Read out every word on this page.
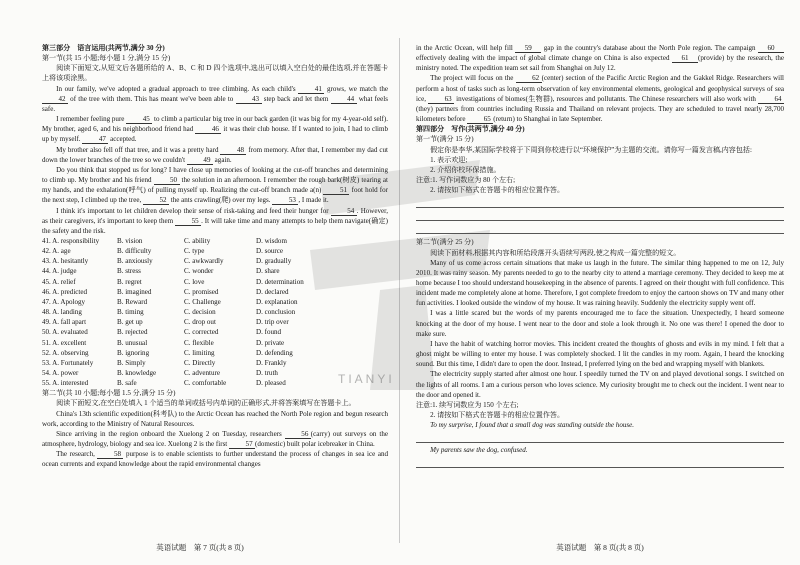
第三部分　语言运用(共两节,满分 30 分)

第一节(共 15 小题;每小题 1 分,满分 15 分)

阅读下面短文,从短文后各题所给的 A、B、C 和 D 四个选项中,选出可以填入空白处的最佳选项,并在答题卡上将该项涂黑。

In our family, we've adopted a gradual approach to tree climbing. As each child's 41 grows, we match the 42 of the tree with them. This has meant we've been able to 43 step back and let them 44 what feels safe.

I remember feeling pure 45 to climb a particular big tree in our back garden (it was big for my 4-year-old self). My brother, aged 6, and his neighborhood friend had 46 it was their club house. If I wanted to join, I had to climb up by myself. 47 accepted.

My brother also fell off that tree, and it was a pretty hard 48 from memory. After that, I remember my dad cut down the lower branches of the tree so we couldn't 49 again.

Do you think that stopped us for long? I have close up memories of looking at the cut-off branches and determining to climb up. My brother and his friend 50 the solution in an afternoon. I remember the rough bark(树皮) tearing at my hands, and the exhalation(呼气) of pulling myself up. Realizing the cut-off branch made a(n) 51 foot hold for the next step, I climbed up the tree, 52 the ants crawling(爬) over my legs. 53 , I made it.

I think it's important to let children develop their sense of risk-taking and feed their hunger for 54 . However, as their caregivers, it's important to keep them 55 . It will take time and many attempts to help them navigate(确定) the safety and the risk.

41. A. responsibility	B. vision	C. ability	D. wisdom
42. A. age	B. difficulty	C. type	D. source
43. A. hesitantly	B. anxiously	C. awkwardly	D. gradually
44. A. judge	B. stress	C. wonder	D. share
45. A. relief	B. regret	C. love	D. determination
46. A. predicted	B. imagined	C. promised	D. declared
47. A. Apology	B. Reward	C. Challenge	D. explanation
48. A. landing	B. timing	C. decision	D. conclusion
49. A. fall apart	B. get up	C. drop out	D. trip over
50. A. evaluated	B. rejected	C. corrected	D. found
51. A. excellent	B. unusual	C. flexible	D. private
52. A. observing	B. ignoring	C. limiting	D. defending
53. A. Fortunately	B. Simply	C. Directly	D. Frankly
54. A. power	B. knowledge	C. adventure	D. truth
55. A. interested	B. safe	C. comfortable	D. pleased

第二节(共 10 小题;每小题 1.5 分,满分 15 分)

阅读下面短文,在空白处填入 1 个适当的单词或括号内单词的正确形式,并将答案填写在答题卡上。

China's 13th scientific expedition(科考队) to the Arctic Ocean has reached the North Pole region and begun research work, according to the Ministry of Natural Resources.

Since arriving in the region onboard the Xuelong 2 on Tuesday, researchers 56 (carry) out surveys on the atmosphere, hydrology, biology and sea ice. Xuelong 2 is the first 57 (domestic) built polar icebreaker in China.

The research, 58 purpose is to enable scientists to further understand the process of changes in sea ice and ocean currents and expand knowledge about the rapid environmental changes

英语试题　第 7 页(共 8 页)

in the Arctic Ocean, will help fill 59 gap in the country's database about the North Pole region. The campaign 60 effectively dealing with the impact of global climate change on China is also expected 61 (provide) by the research, the ministry noted. The expedition team set sail from Shanghai on July 12.

The project will focus on the 62 (center) section of the Pacific Arctic Region and the Gakkel Ridge. Researchers will perform a host of tasks such as long-term observation of key environmental elements, geological and geophysical surveys of sea ice, 63 investigations of biomes(生物群), resources and pollutants. The Chinese researchers will also work with 64(they) partners from countries including Russia and Thailand on relevant projects. They are scheduled to travel nearly 28,700 kilometers before 65 (return) to Shanghai in late September.

第四部分　写作(共两节,满分 40 分)

第一节(满分 15 分)

假定你是李华,某国际学校将于下周到你校进行以“环境保护”为主题的交流。请你写一篇发言稿,内容包括:

1. 表示欢迎;

2. 介绍你校环保措施。

注意:1. 写作词数应为 80 个左右;

2. 请按如下格式在答题卡的相应位置作答。

第二节(满分 25 分)

阅读下面材料,根据其内容和所给段落开头语续写两段,使之构成一篇完整的短文。

Many of us come across certain situations that make us laugh in the future. The similar thing happened to me on 12, July 2010. It was rainy season. My parents needed to go to the nearby city to attend a marriage ceremony. They decided to keep me at home because I too should understand housekeeping in the absence of parents. I agreed on their thought with full confidence. This incident made me completely alone at home. Therefore, I got complete freedom to enjoy the cartoon shows on TV and many other fun activities. I looked outside the window of my house. It was raining heavily. Suddenly the electricity supply went off.

I was a little scared but the words of my parents encouraged me to face the situation. Unexpectedly, I heard someone knocking at the door of my house. I went near to the door and stole a look through it. No one was there! I opened the door to make sure.

I have the habit of watching horror movies. This incident created the thoughts of ghosts and evils in my mind. I felt that a ghost might be willing to enter my house. I was completely shocked. I lit the candles in my room. Again, I heard the knocking sound. But this time, I didn't dare to open the door. Instead, I preferred lying on the bed and wrapping myself with blankets.

The electricity supply started after almost one hour. I speedily turned the TV on and played devotional songs. I switched on the lights of all rooms. I am a curious person who loves science. My curiosity brought me to check out the incident. I went near to the door and opened it.

注意:1. 续写词数应为 150 个左右;

2. 请按如下格式在答题卡的相应位置作答。

To my surprise, I found that a small dog was standing outside the house.

My parents saw the dog, confused.

英语试题　第 8 页(共 8 页)
TIANYI
